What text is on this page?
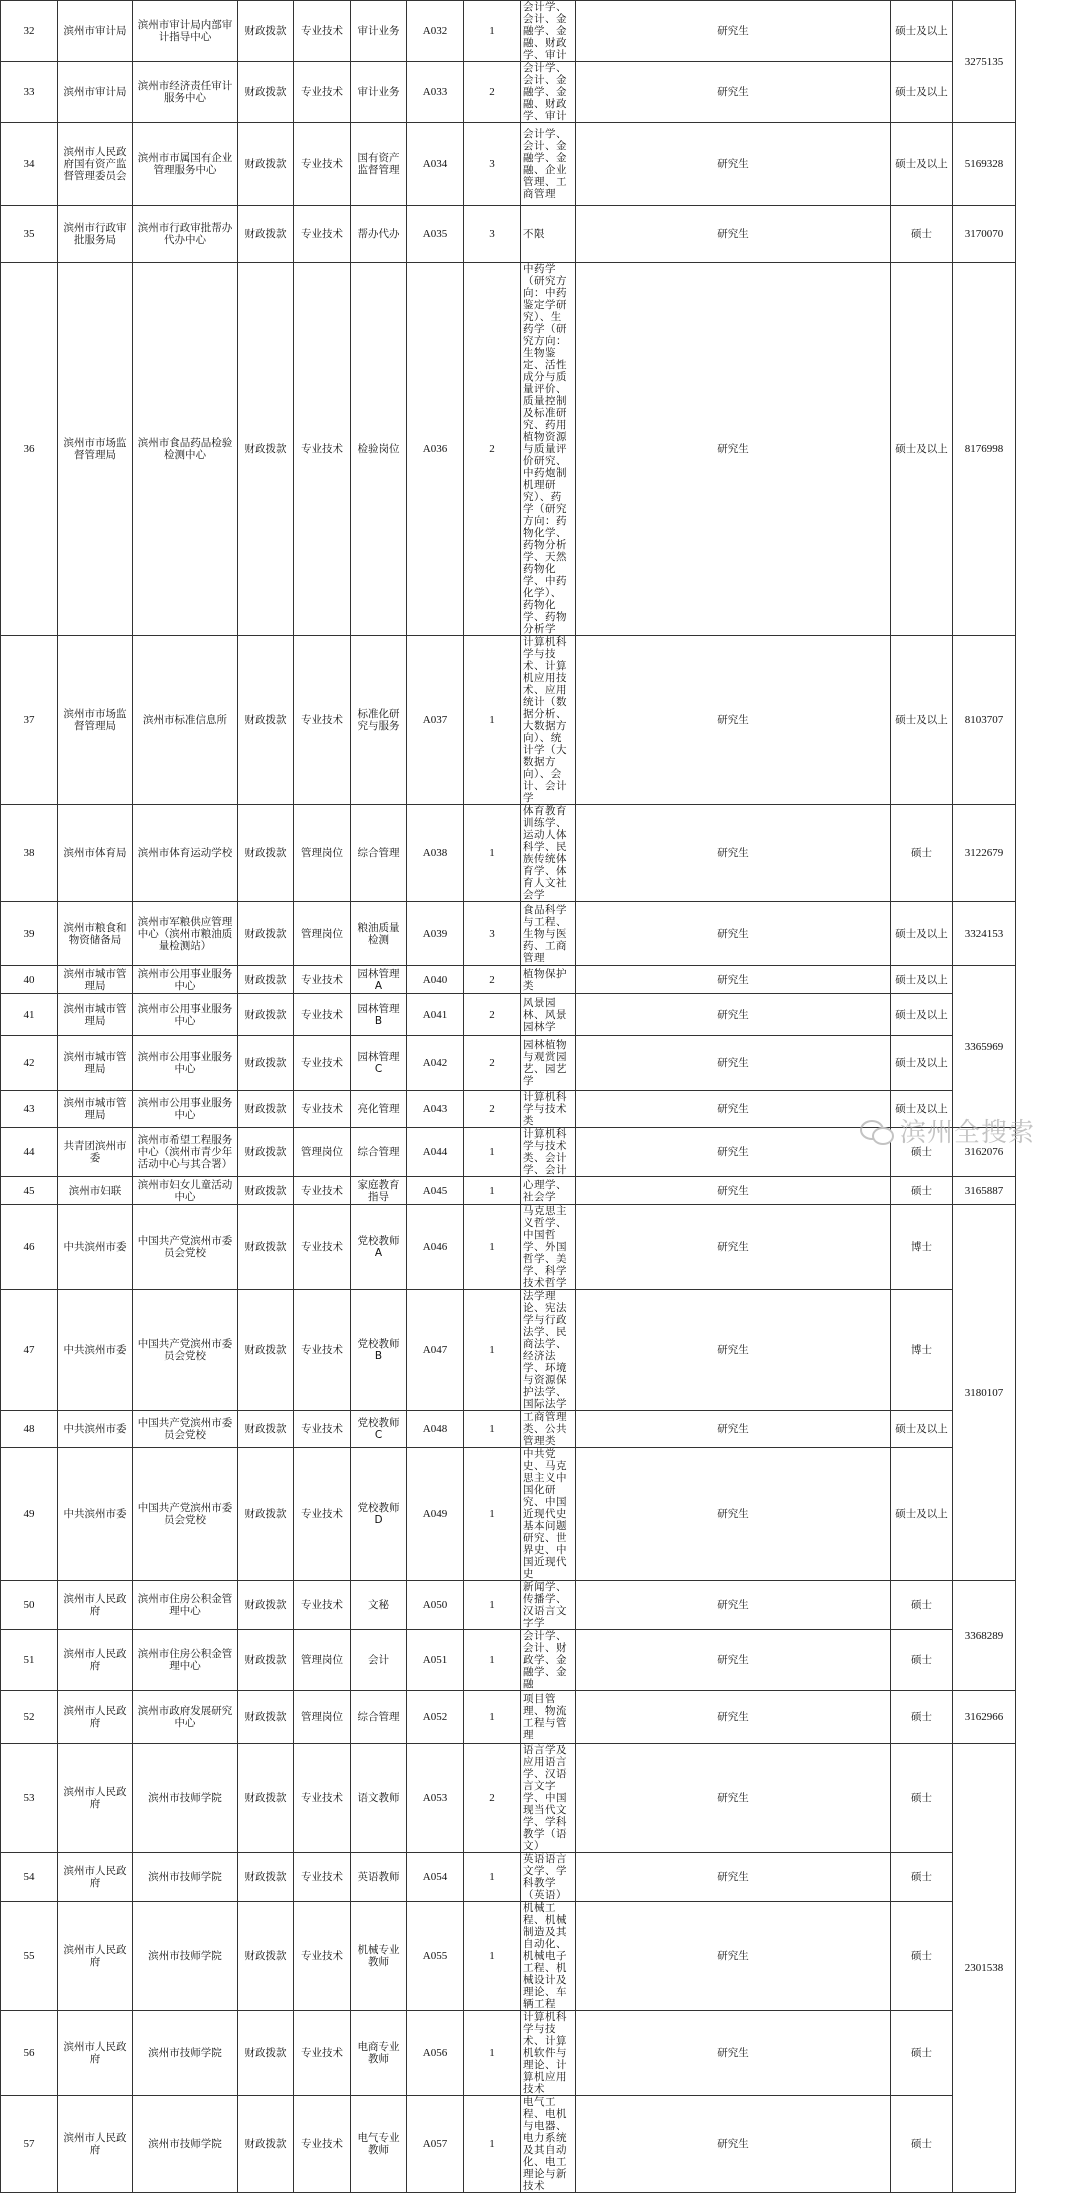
32	滨州市审计局	滨州市审计局内部审计指导中心	财政拨款	专业技术	审计业务	A032	1	会计学、会计、金融学、金融、财政学、审计	研究生	硕士及以上	3275135
33	滨州市审计局	滨州市经济责任审计服务中心	财政拨款	专业技术	审计业务	A033	2	会计学、会计、金融学、金融、财政学、审计	研究生	硕士及以上	
34	滨州市人民政府国有资产监督管理委员会	滨州市市属国有企业管理服务中心	财政拨款	专业技术	国有资产监督管理	A034	3	会计学、会计、金融学、金融、企业管理、工商管理	研究生	硕士及以上	5169328
35	滨州市行政审批服务局	滨州市行政审批帮办代办中心	财政拨款	专业技术	帮办代办	A035	3	不限	研究生	硕士	3170070
36	滨州市市场监督管理局	滨州市食品药品检验检测中心	财政拨款	专业技术	检验岗位	A036	2	中药学（研究方向：中药鉴定学研究）、生药学（研究方向：生物鉴定、活性成分与质量评价、质量控制及标准研究、药用植物资源与质量评价研究、中药炮制机理研究）、药学（研究方向：药物化学、药物分析学、天然药物化学、中药化学）、药物化学、药物分析学	研究生	硕士及以上	8176998
37	滨州市市场监督管理局	滨州市标准信息所	财政拨款	专业技术	标准化研究与服务	A037	1	计算机科学与技术、计算机应用技术、应用统计（数据分析、大数据方向）、统计学（大数据方向）、会计、会计学	研究生	硕士及以上	8103707
38	滨州市体育局	滨州市体育运动学校	财政拨款	管理岗位	综合管理	A038	1	体育教育训练学、运动人体科学、民族传统体育学、体育人文社会学	研究生	硕士	3122679
39	滨州市粮食和物资储备局	滨州市军粮供应管理中心（滨州市粮油质量检测站）	财政拨款	管理岗位	粮油质量检测	A039	3	食品科学与工程、生物与医药、工商管理	研究生	硕士及以上	3324153
40	滨州市城市管理局	滨州市公用事业服务中心	财政拨款	专业技术	园林管理A	A040	2	植物保护类	研究生	硕士及以上	3365969
41	滨州市城市管理局	滨州市公用事业服务中心	财政拨款	专业技术	园林管理B	A041	2	风景园林、风景园林学	研究生	硕士及以上	
42	滨州市城市管理局	滨州市公用事业服务中心	财政拨款	专业技术	园林管理C	A042	2	园林植物与观赏园艺、园艺学	研究生	硕士及以上	
43	滨州市城市管理局	滨州市公用事业服务中心	财政拨款	专业技术	亮化管理	A043	2	计算机科学与技术类	研究生	硕士及以上	
44	共青团滨州市委	滨州市希望工程服务中心（滨州市青少年活动中心与其合署）	财政拨款	管理岗位	综合管理	A044	1	计算机科学与技术类、会计学、会计	研究生	硕士	3162076
45	滨州市妇联	滨州市妇女儿童活动中心	财政拨款	专业技术	家庭教育指导	A045	1	心理学、社会学	研究生	硕士	3165887
46	中共滨州市委	中国共产党滨州市委员会党校	财政拨款	专业技术	党校教师A	A046	1	马克思主义哲学、中国哲学、外国哲学、美学、科学技术哲学	研究生	博士	3180107
47	中共滨州市委	中国共产党滨州市委员会党校	财政拨款	专业技术	党校教师B	A047	1	法学理论、宪法学与行政法学、民商法学、经济法学、环境与资源保护法学、国际法学	研究生	博士	
48	中共滨州市委	中国共产党滨州市委员会党校	财政拨款	专业技术	党校教师C	A048	1	工商管理类、公共管理类	研究生	硕士及以上	
49	中共滨州市委	中国共产党滨州市委员会党校	财政拨款	专业技术	党校教师D	A049	1	中共党史、马克思主义中国化研究、中国近现代史基本问题研究、世界史、中国近现代史	研究生	硕士及以上	
50	滨州市人民政府	滨州市住房公积金管理中心	财政拨款	专业技术	文秘	A050	1	新闻学、传播学、汉语言文字学	研究生	硕士	3368289
51	滨州市人民政府	滨州市住房公积金管理中心	财政拨款	管理岗位	会计	A051	1	会计学、会计、财政学、金融学、金融	研究生	硕士	
52	滨州市人民政府	滨州市政府发展研究中心	财政拨款	管理岗位	综合管理	A052	1	项目管理、物流工程与管理	研究生	硕士	3162966
53	滨州市人民政府	滨州市技师学院	财政拨款	专业技术	语文教师	A053	2	语言学及应用语言学、汉语言文字学、中国现当代文学、学科教学（语文）	研究生	硕士	2301538
54	滨州市人民政府	滨州市技师学院	财政拨款	专业技术	英语教师	A054	1	英语语言文学、学科教学（英语）	研究生	硕士	
55	滨州市人民政府	滨州市技师学院	财政拨款	专业技术	机械专业教师	A055	1	机械工程、机械制造及其自动化、机械电子工程、机械设计及理论、车辆工程	研究生	硕士	
56	滨州市人民政府	滨州市技师学院	财政拨款	专业技术	电商专业教师	A056	1	计算机科学与技术、计算机软件与理论、计算机应用技术	研究生	硕士	
57	滨州市人民政府	滨州市技师学院	财政拨款	专业技术	电气专业教师	A057	1	电气工程、电机与电器、电力系统及其自动化、电工理论与新技术	研究生	硕士	
滨州全搜索
